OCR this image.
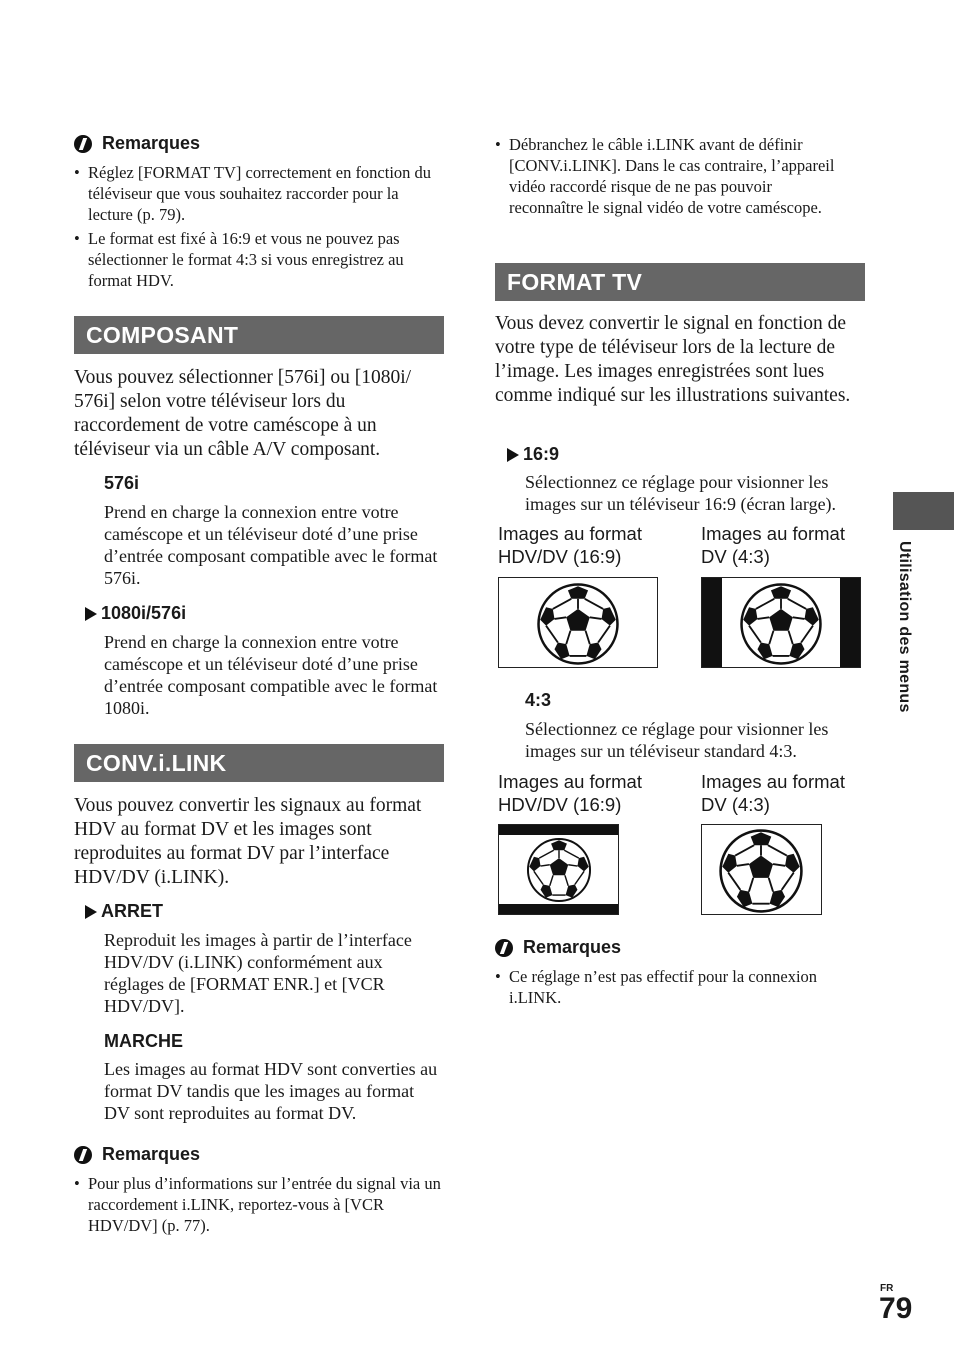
Remarques
• Réglez [FORMAT TV] correctement en fonction du téléviseur que vous souhaitez raccorder pour la lecture (p. 79).
• Le format est fixé à 16:9 et vous ne pouvez pas sélectionner le format 4:3 si vous enregistrez au format HDV.
COMPOSANT

Vous pouvez sélectionner [576i] ou [1080i/ 576i] selon votre téléviseur lors du raccordement de votre caméscope à un téléviseur via un câble A/V composant.

576i

Prend en charge la connexion entre votre caméscope et un téléviseur doté d’une prise d’entrée composant compatible avec le format 576i.

1080i/576i

Prend en charge la connexion entre votre caméscope et un téléviseur doté d’une prise d’entrée composant compatible avec le format 1080i.

CONV.i.LINK

Vous pouvez convertir les signaux au format HDV au format DV et les images sont reproduites au format DV par l’interface HDV/DV (i.LINK).

ARRET

Reproduit les images à partir de l’interface HDV/DV (i.LINK) conformément aux réglages de [FORMAT ENR.] et [VCR HDV/DV].

MARCHE

Les images au format HDV sont converties au format DV tandis que les images au format DV sont reproduites au format DV.

Remarques
• Pour plus d’informations sur l’entrée du signal via un raccordement i.LINK, reportez-vous à [VCR HDV/DV] (p. 77).
• Débranchez le câble i.LINK avant de définir [CONV.i.LINK]. Dans le cas contraire, l’appareil vidéo raccordé risque de ne pas pouvoir reconnaître le signal vidéo de votre caméscope.
FORMAT TV

Vous devez convertir le signal en fonction de votre type de téléviseur lors de la lecture de l’image. Les images enregistrées sont lues comme indiqué sur les illustrations suivantes.

16:9

Sélectionnez ce réglage pour visionner les images sur un téléviseur 16:9 (écran large).

Images au format HDV/DV (16:9)
Images au format DV (4:3)
4:3

Sélectionnez ce réglage pour visionner les images sur un téléviseur standard 4:3.

Images au format HDV/DV (16:9)
Images au format DV (4:3)
Remarques
• Ce réglage n’est pas effectif pour la connexion i.LINK.
Utilisation des menus
FR
79
